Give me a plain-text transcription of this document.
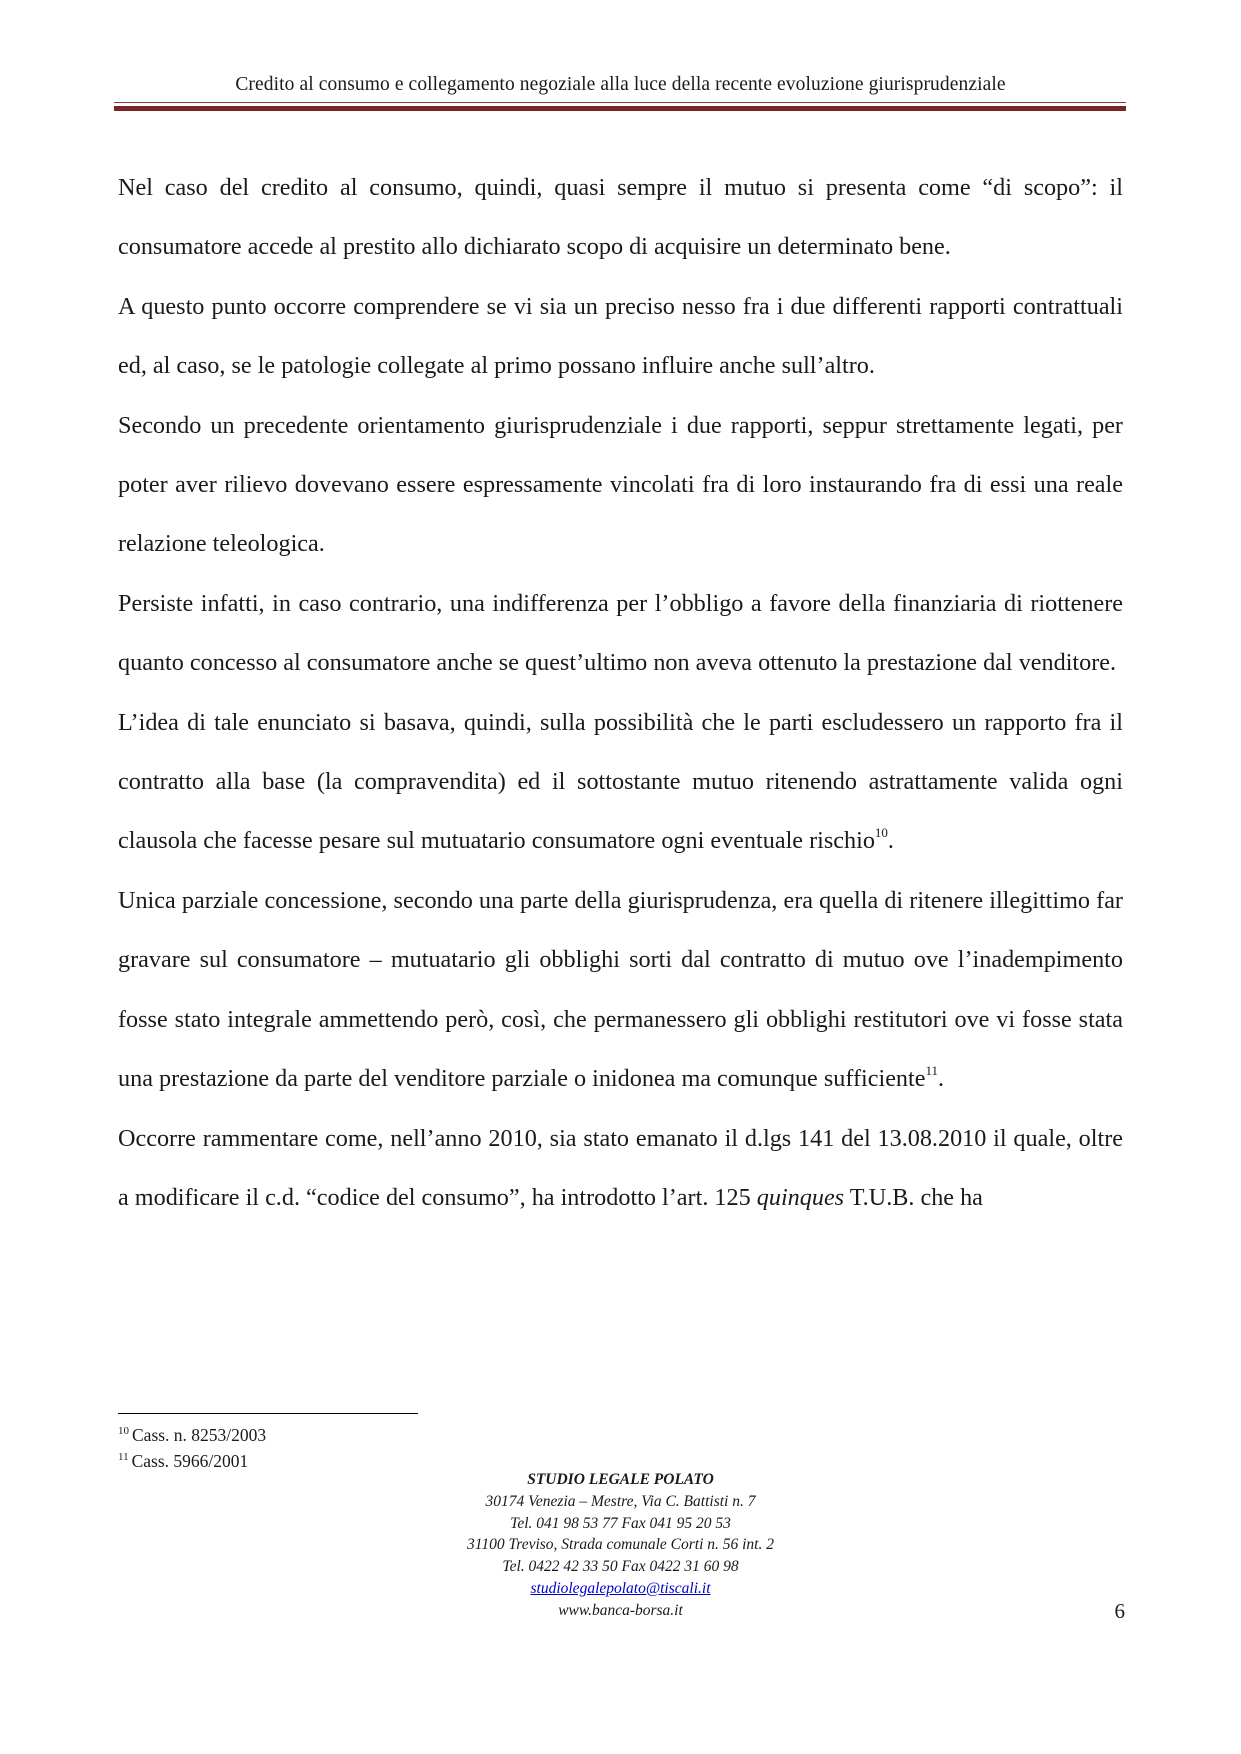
Credito al consumo e collegamento negoziale alla luce della recente evoluzione giurisprudenziale

Nel caso del credito al consumo, quindi, quasi sempre il mutuo si presenta come “di scopo”: il consumatore accede al prestito allo dichiarato scopo di acquisire un determinato bene.

A questo punto occorre comprendere se vi sia un preciso nesso fra i due differenti rapporti contrattuali ed, al caso, se le patologie collegate al primo possano influire anche sull’altro.

Secondo un precedente orientamento giurisprudenziale i due rapporti, seppur strettamente legati, per poter aver rilievo dovevano essere espressamente vincolati fra di loro instaurando fra di essi una reale relazione teleologica.

Persiste infatti, in caso contrario, una indifferenza per l’obbligo a favore della finanziaria di riottenere quanto concesso al consumatore anche se quest’ultimo non aveva ottenuto la prestazione dal venditore.

L’idea di tale enunciato si basava, quindi, sulla possibilità che le parti escludessero un rapporto fra il contratto alla base (la compravendita) ed il sottostante mutuo ritenendo astrattamente valida ogni clausola che facesse pesare sul mutuatario consumatore ogni eventuale rischio$^{10}$.

Unica parziale concessione, secondo una parte della giurisprudenza, era quella di ritenere illegittimo far gravare sul consumatore – mutuatario gli obblighi sorti dal contratto di mutuo ove l’inadempimento fosse stato integrale ammettendo però, così, che permanessero gli obblighi restitutori ove vi fosse stata una prestazione da parte del venditore parziale o inidonea ma comunque sufficiente$^{11}$.

Occorre rammentare come, nell’anno 2010, sia stato emanato il d.lgs 141 del 13.08.2010 il quale, oltre a modificare il c.d. “codice del consumo”, ha introdotto l’art. 125 quinques T.U.B. che ha

$^{10}$ Cass. n. 8253/2003
$^{11}$ Cass. 5966/2001
STUDIO LEGALE POLATO
30174 Venezia – Mestre, Via C. Battisti n. 7
Tel. 041 98 53 77 Fax 041 95 20 53
31100 Treviso, Strada comunale Corti n. 56 int. 2
Tel. 0422 42 33 50 Fax 0422 31 60 98
studiolegalepolato@tiscali.it
www.banca-borsa.it	6
